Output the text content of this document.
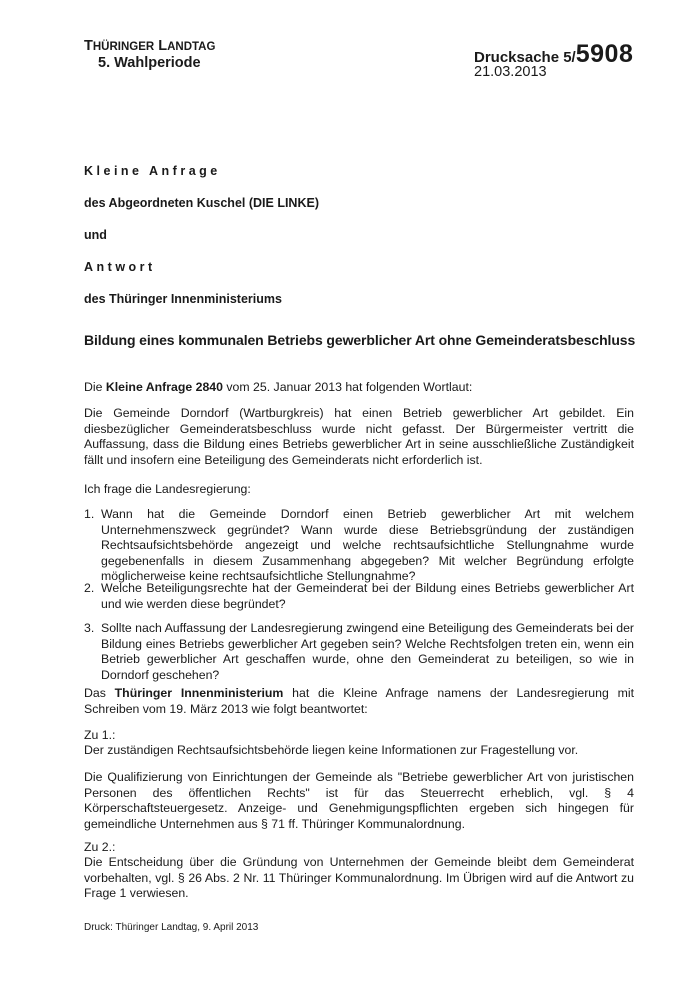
THÜRINGER LANDTAG
5. Wahlperiode	Drucksache 5/5908
21.03.2013
Kleine Anfrage
des Abgeordneten Kuschel (DIE LINKE)
und
Antwort
des Thüringer Innenministeriums
Bildung eines kommunalen Betriebs gewerblicher Art ohne Gemeinderatsbeschluss
Die Kleine Anfrage 2840 vom 25. Januar 2013 hat folgenden Wortlaut:
Die Gemeinde Dorndorf (Wartburgkreis) hat einen Betrieb gewerblicher Art gebildet. Ein diesbezüglicher Gemeinderatsbeschluss wurde nicht gefasst. Der Bürgermeister vertritt die Auffassung, dass die Bildung eines Betriebs gewerblicher Art in seine ausschließliche Zuständigkeit fällt und insofern eine Beteiligung des Gemeinderats nicht erforderlich ist.
Ich frage die Landesregierung:
1. Wann hat die Gemeinde Dorndorf einen Betrieb gewerblicher Art mit welchem Unternehmenszweck gegründet? Wann wurde diese Betriebsgründung der zuständigen Rechtsaufsichtsbehörde angezeigt und welche rechtsaufsichtliche Stellungnahme wurde gegebenenfalls in diesem Zusammenhang abgegeben? Mit welcher Begründung erfolgte möglicherweise keine rechtsaufsichtliche Stellungnahme?
2. Welche Beteiligungsrechte hat der Gemeinderat bei der Bildung eines Betriebs gewerblicher Art und wie werden diese begründet?
3. Sollte nach Auffassung der Landesregierung zwingend eine Beteiligung des Gemeinderats bei der Bildung eines Betriebs gewerblicher Art gegeben sein? Welche Rechtsfolgen treten ein, wenn ein Betrieb gewerblicher Art geschaffen wurde, ohne den Gemeinderat zu beteiligen, so wie in Dorndorf geschehen?
Das Thüringer Innenministerium hat die Kleine Anfrage namens der Landesregierung mit Schreiben vom 19. März 2013 wie folgt beantwortet:
Zu 1.:
Der zuständigen Rechtsaufsichtsbehörde liegen keine Informationen zur Fragestellung vor.
Die Qualifizierung von Einrichtungen der Gemeinde als "Betriebe gewerblicher Art von juristischen Personen des öffentlichen Rechts" ist für das Steuerrecht erheblich, vgl. § 4 Körperschaftsteuergesetz. Anzeige- und Genehmigungspflichten ergeben sich hingegen für gemeindliche Unternehmen aus § 71 ff. Thüringer Kommunalordnung.
Zu 2.:
Die Entscheidung über die Gründung von Unternehmen der Gemeinde bleibt dem Gemeinderat vorbehalten, vgl. § 26 Abs. 2 Nr. 11 Thüringer Kommunalordnung. Im Übrigen wird auf die Antwort zu Frage 1 verwiesen.
Druck: Thüringer Landtag, 9. April 2013
